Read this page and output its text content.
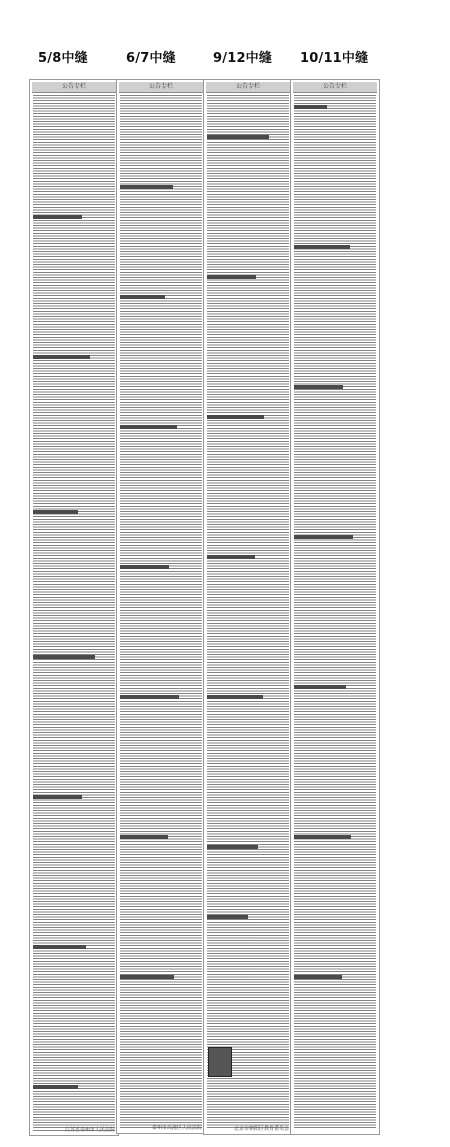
5/8中缝	6/7中缝	9/12中缝 10/11中缝
公告专栏
江苏省泰州市人民法院
公告专栏
泰州市高港区人民法院
公告专栏
北京市朝阳区教育委员会
公告专栏
